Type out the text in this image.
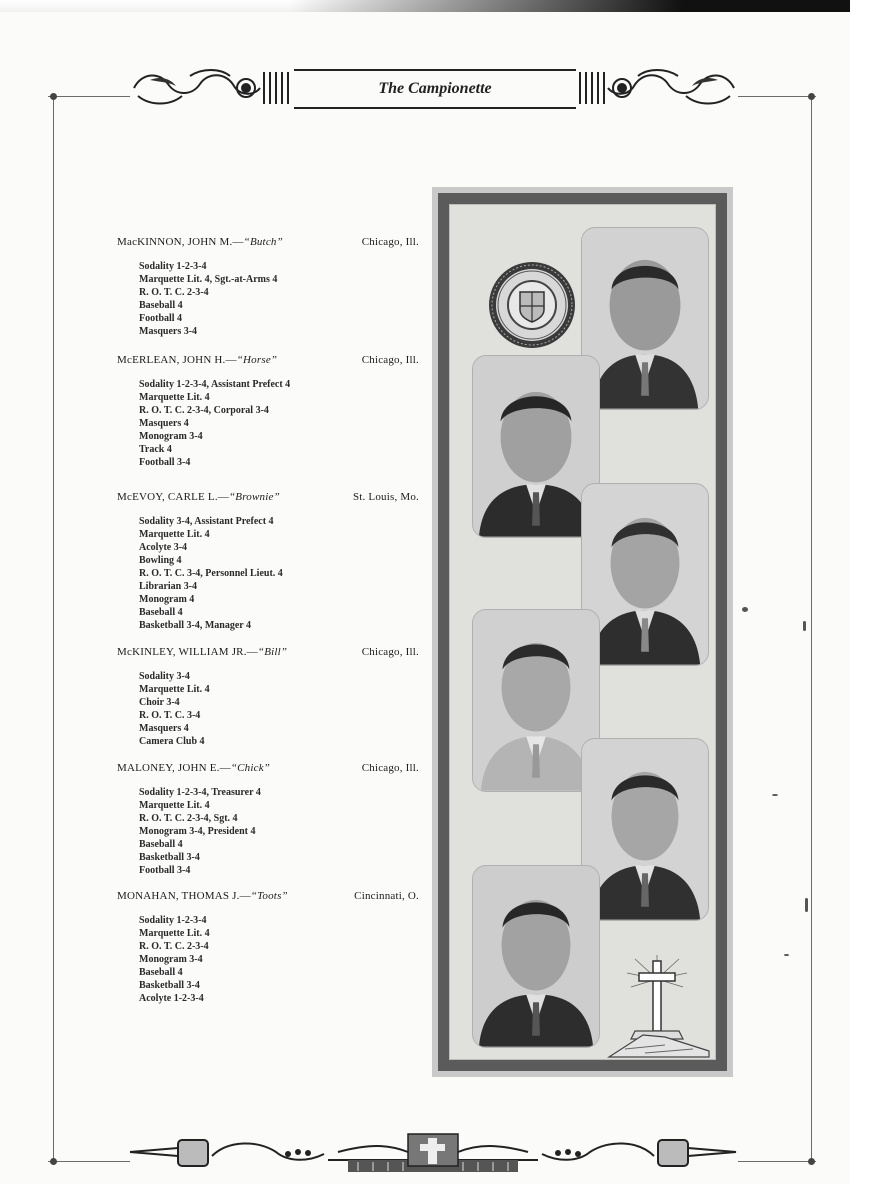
The Campionette
MacKINNON, JOHN M.—“Butch”	Chicago, Ill.
Sodality 1-2-3-4
Marquette Lit. 4, Sgt.-at-Arms 4
R. O. T. C. 2-3-4
Baseball 4
Football 4
Masquers 3-4
McERLEAN, JOHN H.—“Horse”	Chicago, Ill.
Sodality 1-2-3-4, Assistant Prefect 4
Marquette Lit. 4
R. O. T. C. 2-3-4, Corporal 3-4
Masquers 4
Monogram 3-4
Track 4
Football 3-4
McEVOY, CARLE L.—“Brownie”	St. Louis, Mo.
Sodality 3-4, Assistant Prefect 4
Marquette Lit. 4
Acolyte 3-4
Bowling 4
R. O. T. C. 3-4, Personnel Lieut. 4
Librarian 3-4
Monogram 4
Baseball 4
Basketball 3-4, Manager 4
McKINLEY, WILLIAM JR.—“Bill”	Chicago, Ill.
Sodality 3-4
Marquette Lit. 4
Choir 3-4
R. O. T. C. 3-4
Masquers 4
Camera Club 4
MALONEY, JOHN E.—“Chick”	Chicago, Ill.
Sodality 1-2-3-4, Treasurer 4
Marquette Lit. 4
R. O. T. C. 2-3-4, Sgt. 4
Monogram 3-4, President 4
Baseball 4
Basketball 3-4
Football 3-4
MONAHAN, THOMAS J.—“Toots”	Cincinnati, O.
Sodality 1-2-3-4
Marquette Lit. 4
R. O. T. C. 2-3-4
Monogram 3-4
Baseball 4
Basketball 3-4
Acolyte 1-2-3-4
